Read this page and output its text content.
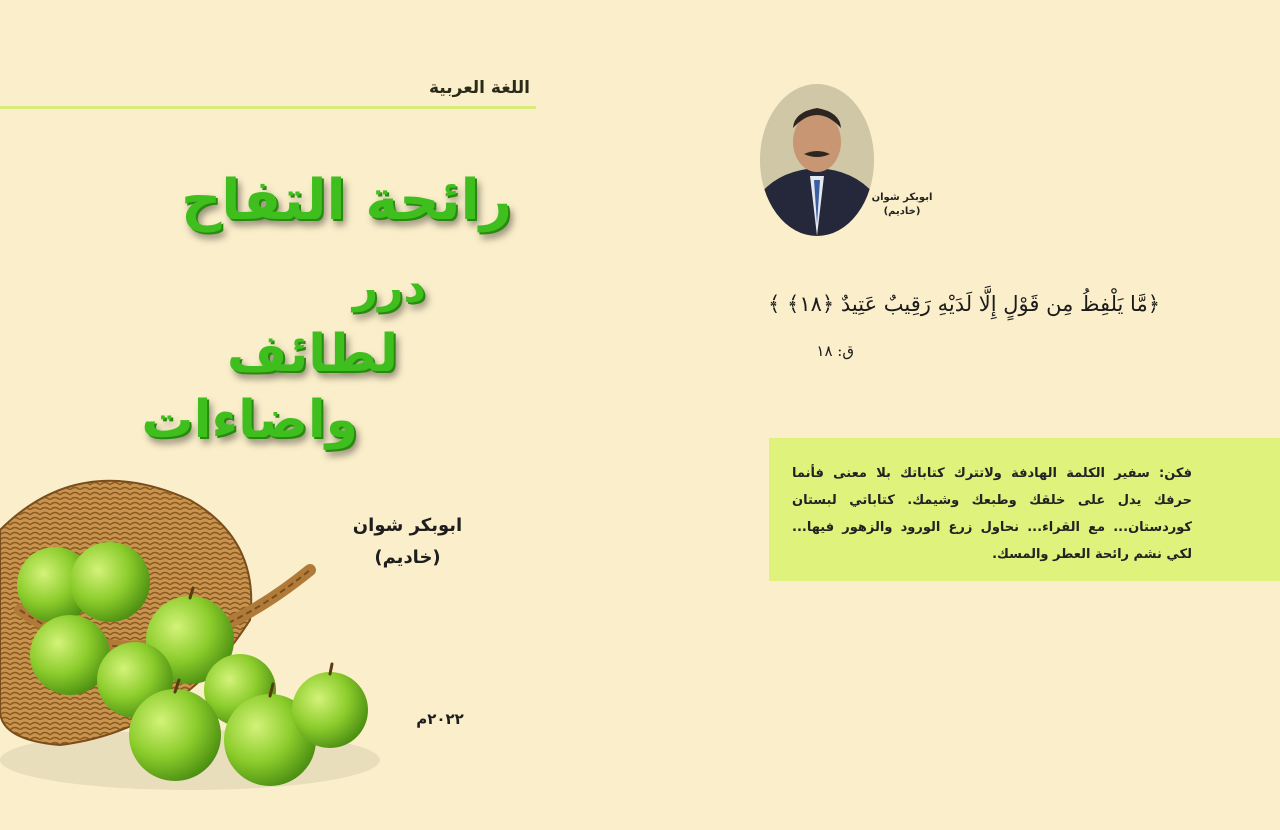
اللغة العربية
رائحة التفاح
درر
لطائف
واضاءات
ابوبكر شوان
(خاديم)
٢٠٢٢م
ابوبكر شوان
(خاديم)
﴿مَّا يَلْفِظُ مِن قَوْلٍ إِلَّا لَدَيْهِ رَقِيبٌ عَتِيدٌ ﴿١٨﴾ ﴾
ق: ١٨
فكن: سفير الكلمة الهادفة ولاتترك كتاباتك بلا معنى فأنما حرفك يدل على خلقك وطبعك وشيمك. كتاباتي لبستان كوردستان... مع القراء... نحاول زرع الورود والزهور فيها... لكي نشم رائحة العطر والمسك.
